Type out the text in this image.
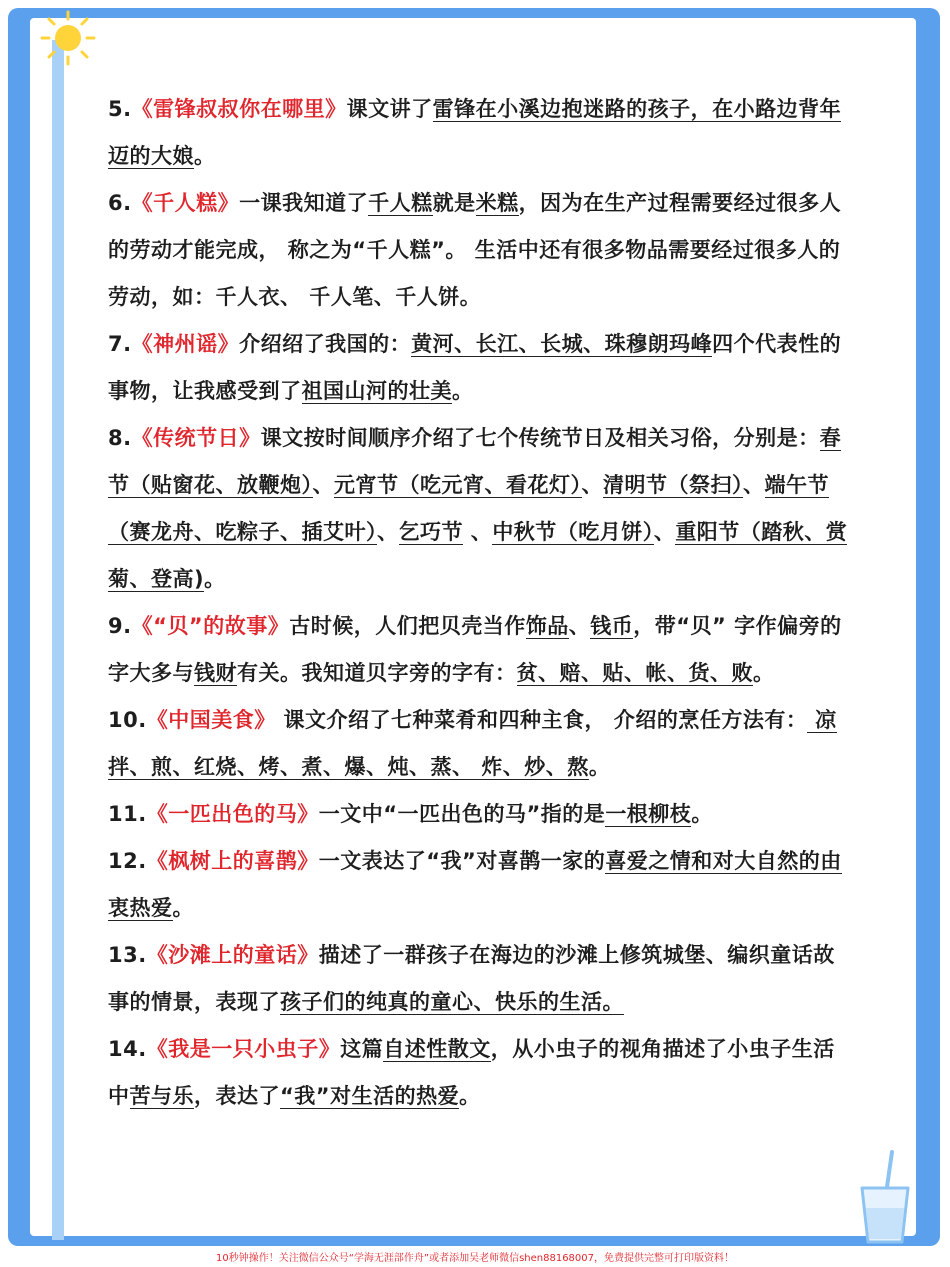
5.《雷锋叔叔你在哪里》课文讲了雷锋在小溪边抱迷路的孩子，在小路边背年迈的大娘。

6.《千人糕》一课我知道了千人糕就是米糕，因为在生产过程需要经过很多人的劳动才能完成， 称之为“千人糕”。 生活中还有很多物品需要经过很多人的劳动，如：千人衣、 千人笔、千人饼。

7.《神州谣》介绍绍了我国的：黄河、长江、长城、珠穆朗玛峰四个代表性的事物，让我感受到了祖国山河的壮美。

8.《传统节日》课文按时间顺序介绍了七个传统节日及相关习俗，分别是：春节（贴窗花、放鞭炮）、元宵节（吃元宵、看花灯）、清明节（祭扫）、端午节（赛龙舟、吃粽子、插艾叶）、乞巧节 、中秋节（吃月饼）、重阳节（踏秋、赏菊、登高)。

9.《“贝”的故事》古时候，人们把贝壳当作饰品、钱币，带“贝” 字作偏旁的字大多与钱财有关。我知道贝字旁的字有：贫、赔、贴、帐、货、败。

10.《中国美食》 课文介绍了七种菜肴和四种主食， 介绍的烹任方法有： 凉拌、煎、红烧、烤、煮、爆、炖、蒸、 炸、炒、熬。

11.《一匹出色的马》一文中“一匹出色的马”指的是一根柳枝。

12.《枫树上的喜鹊》一文表达了“我”对喜鹊一家的喜爱之情和对大自然的由衷热爱。

13.《沙滩上的童话》描述了一群孩子在海边的沙滩上修筑城堡、编织童话故事的情景，表现了孩子们的纯真的童心、快乐的生活。

14.《我是一只小虫子》这篇自述性散文，从小虫子的视角描述了小虫子生活中苦与乐，表达了“我”对生活的热爱。

10秒钟操作！关注微信公众号“学海无涯部作舟”或者添加吴老师微信shen88168007，免费提供完整可打印版资料！
